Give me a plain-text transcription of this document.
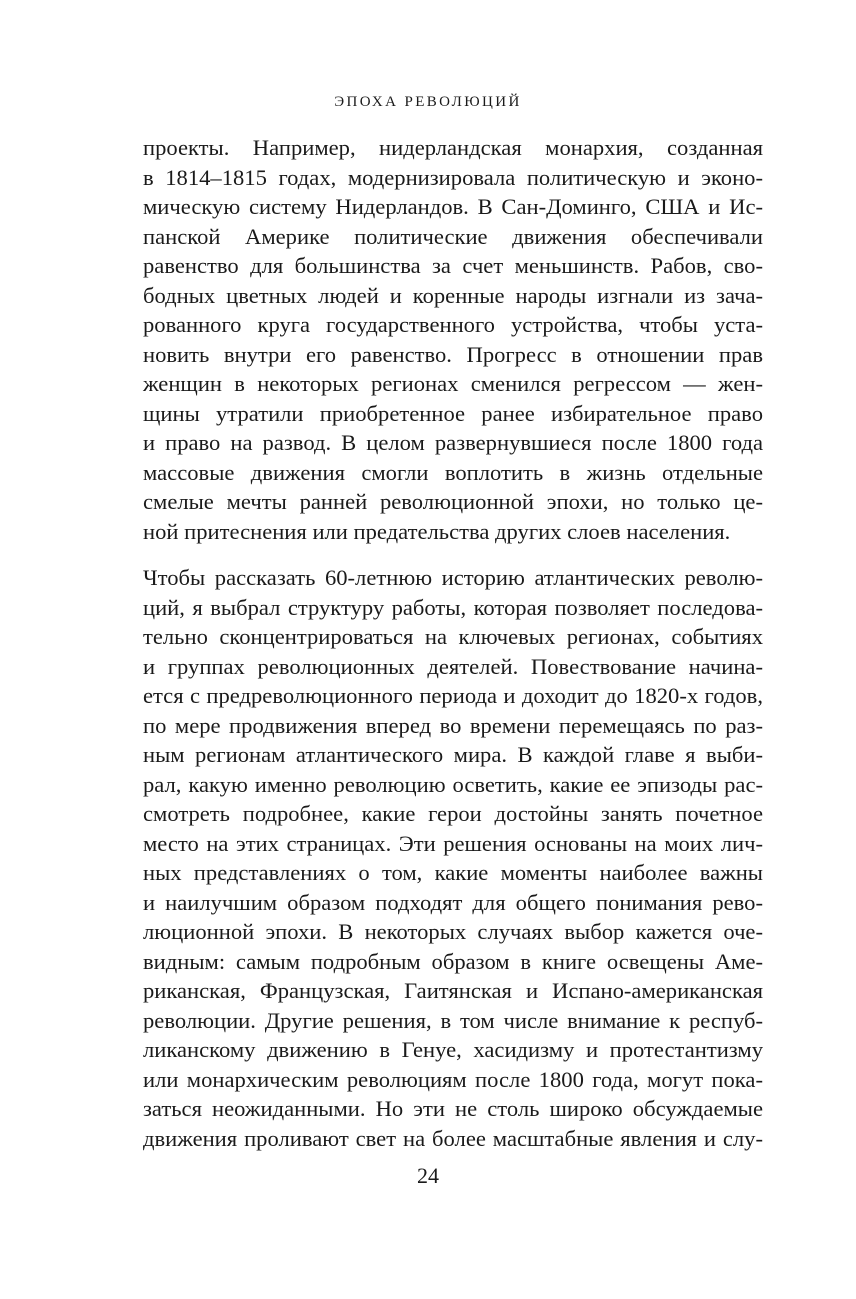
ЭПОХА РЕВОЛЮЦИЙ
проекты. Например, нидерландская монархия, созданная
в 1814–1815 годах, модернизировала политическую и эконо-
мическую систему Нидерландов. В Сан-Доминго, США и Ис-
панской Америке политические движения обеспечивали
равенство для большинства за счет меньшинств. Рабов, сво-
бодных цветных людей и коренные народы изгнали из зача-
рованного круга государственного устройства, чтобы уста-
новить внутри его равенство. Прогресс в отношении прав
женщин в некоторых регионах сменился регрессом — жен-
щины утратили приобретенное ранее избирательное право
и право на развод. В целом развернувшиеся после 1800 года
массовые движения смогли воплотить в жизнь отдельные
смелые мечты ранней революционной эпохи, но только це-
ной притеснения или предательства других слоев населения.
Чтобы рассказать 60-летнюю историю атлантических револю-
ций, я выбрал структуру работы, которая позволяет последова-
тельно сконцентрироваться на ключевых регионах, событиях
и группах революционных деятелей. Повествование начина-
ется с предреволюционного периода и доходит до 1820-х годов,
по мере продвижения вперед во времени перемещаясь по раз-
ным регионам атлантического мира. В каждой главе я выби-
рал, какую именно революцию осветить, какие ее эпизоды рас-
смотреть подробнее, какие герои достойны занять почетное
место на этих страницах. Эти решения основаны на моих лич-
ных представлениях о том, какие моменты наиболее важны
и наилучшим образом подходят для общего понимания рево-
люционной эпохи. В некоторых случаях выбор кажется оче-
видным: самым подробным образом в книге освещены Аме-
риканская, Французская, Гаитянская и Испано-американская
революции. Другие решения, в том числе внимание к респуб-
ликанскому движению в Генуе, хасидизму и протестантизму
или монархическим революциям после 1800 года, могут пока-
заться неожиданными. Но эти не столь широко обсуждаемые
движения проливают свет на более масштабные явления и слу-
24
